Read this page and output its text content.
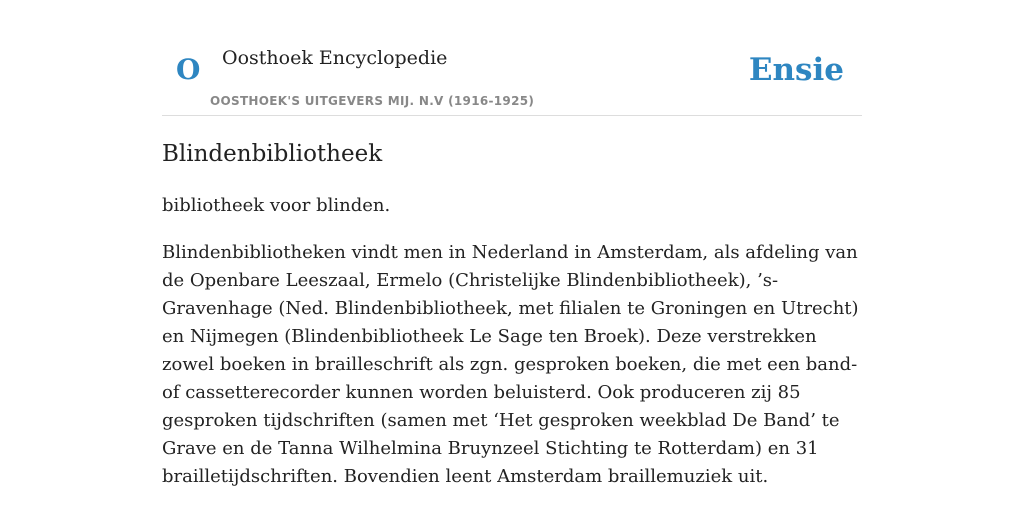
O Oosthoek Encyclopedie
OOSTHOEK'S UITGEVERS MIJ. N.V (1916-1925)
Ensie
Blindenbibliotheek

bibliotheek voor blinden.

Blindenbibliotheken vindt men in Nederland in Amsterdam, als afdeling van de Openbare Leeszaal, Ermelo (Christelijke Blindenbibliotheek), ’s-Gravenhage (Ned. Blindenbibliotheek, met filialen te Groningen en Utrecht) en Nijmegen (Blindenbibliotheek Le Sage ten Broek). Deze verstrekken zowel boeken in brailleschrift als zgn. gesproken boeken, die met een band- of cassetterecorder kunnen worden beluisterd. Ook produceren zij 85 gesproken tijdschriften (samen met ‘Het gesproken weekblad De Band’ te Grave en de Tanna Wilhelmina Bruynzeel Stichting te Rotterdam) en 31 brailletijdschriften. Bovendien leent Amsterdam braillemuziek uit.
